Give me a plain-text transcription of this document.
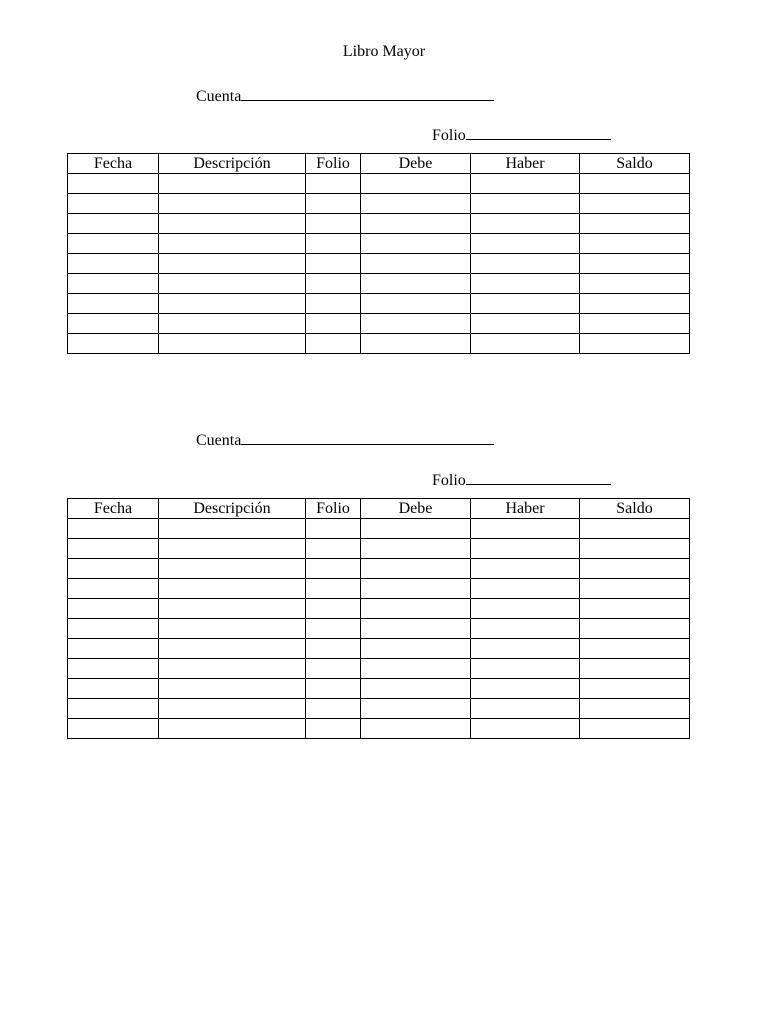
Libro Mayor
Cuenta
Folio
Fecha	Descripción	Folio	Debe	Haber	Saldo

Cuenta
Folio
Fecha	Descripción	Folio	Debe	Haber	Saldo
